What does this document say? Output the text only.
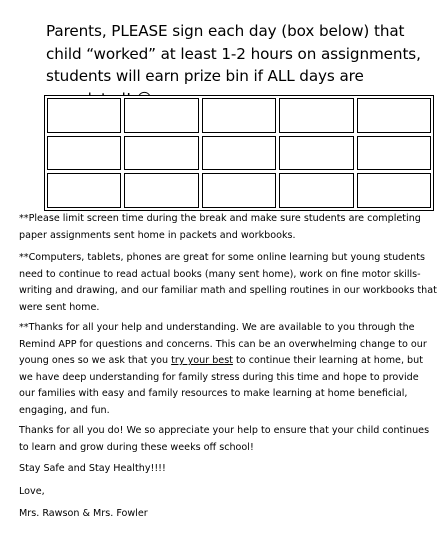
Parents, PLEASE sign each day (box below) that child “worked” at least 1-2 hours on assignments, students will earn prize bin if ALL days are

**Please limit screen time during the break and make sure students are completing paper assignments sent home in packets and workbooks.

**Computers, tablets, phones are great for some online learning but young students need to continue to read actual books (many sent home), work on fine motor skills- writing and drawing, and our familiar math and spelling routines in our workbooks that were sent home.

**Thanks for all your help and understanding. We are available to you through the Remind APP for questions and concerns. This can be an overwhelming change to our young ones so we ask that you try your best to continue their learning at home, but we have deep understanding for family stress during this time and hope to provide our families with easy and family resources to make learning at home beneficial, engaging, and fun.

Thanks for all you do! We so appreciate your help to ensure that your child continues to learn and grow during these weeks off school!

Stay Safe and Stay Healthy!!!!

Love,

Mrs. Rawson & Mrs. Fowler
